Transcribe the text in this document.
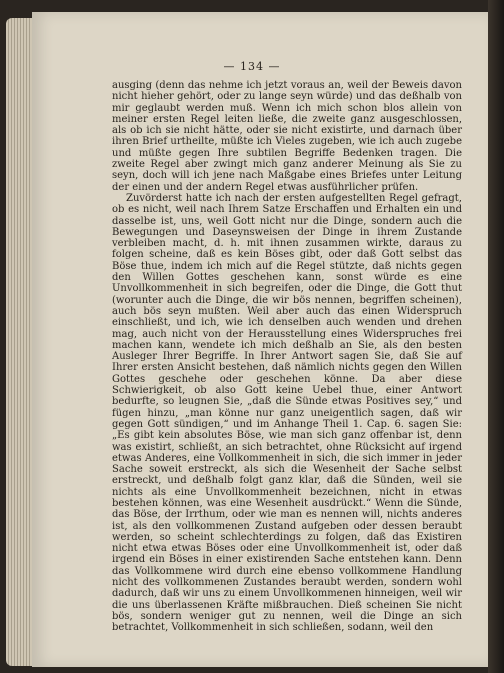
— 134 —

ausging (denn das nehme ich jetzt voraus an, weil der Beweis davon nicht hieher gehört, oder zu lange seyn würde) und das deßhalb von mir geglaubt werden muß. Wenn ich mich schon blos allein von meiner ersten Regel leiten ließe, die zweite ganz ausgeschlossen, als ob ich sie nicht hätte, oder sie nicht existirte, und darnach über ihren Brief urtheilte, müßte ich Vieles zugeben, wie ich auch zugebe und müßte gegen Ihre subtilen Begriffe Bedenken tragen. Die zweite Regel aber zwingt mich ganz anderer Meinung als Sie zu seyn, doch will ich jene nach Maßgabe eines Briefes unter Leitung der einen und der andern Regel etwas ausführlicher prüfen.

Zuvörderst hatte ich nach der ersten aufgestellten Regel gefragt, ob es nicht, weil nach Ihrem Satze Erschaffen und Erhalten ein und dasselbe ist, uns, weil Gott nicht nur die Dinge, sondern auch die Bewegungen und Daseynsweisen der Dinge in ihrem Zustande verbleiben macht, d. h. mit ihnen zusammen wirkte, daraus zu folgen scheine, daß es kein Böses gibt, oder daß Gott selbst das Böse thue, indem ich mich auf die Regel stützte, daß nichts gegen den Willen Gottes geschehen kann, sonst würde es eine Unvollkommenheit in sich begreifen, oder die Dinge, die Gott thut (worunter auch die Dinge, die wir bös nennen, begriffen scheinen), auch bös seyn mußten. Weil aber auch das einen Widerspruch einschließt, und ich, wie ich denselben auch wenden und drehen mag, auch nicht von der Herausstellung eines Widerspruches frei machen kann, wendete ich mich deßhalb an Sie, als den besten Ausleger Ihrer Begriffe. In Ihrer Antwort sagen Sie, daß Sie auf Ihrer ersten Ansicht bestehen, daß nämlich nichts gegen den Willen Gottes geschehe oder geschehen könne. Da aber diese Schwierigkeit, ob also Gott keine Uebel thue, einer Antwort bedurfte, so leugnen Sie, „daß die Sünde etwas Positives sey,“ und fügen hinzu, „man könne nur ganz uneigentlich sagen, daß wir gegen Gott sündigen,“ und im Anhange Theil 1. Cap. 6. sagen Sie: „Es gibt kein absolutes Böse, wie man sich ganz offenbar ist, denn was existirt, schließt, an sich betrachtet, ohne Rücksicht auf irgend etwas Anderes, eine Vollkommenheit in sich, die sich immer in jeder Sache soweit erstreckt, als sich die Wesenheit der Sache selbst erstreckt, und deßhalb folgt ganz klar, daß die Sünden, weil sie nichts als eine Unvollkommenheit bezeichnen, nicht in etwas bestehen können, was eine Wesenheit ausdrückt.“ Wenn die Sünde, das Böse, der Irrthum, oder wie man es nennen will, nichts anderes ist, als den vollkommenen Zustand aufgeben oder dessen beraubt werden, so scheint schlechterdings zu folgen, daß das Existiren nicht etwa etwas Böses oder eine Unvollkommenheit ist, oder daß irgend ein Böses in einer existirenden Sache entstehen kann. Denn das Vollkommene wird durch eine ebenso vollkommene Handlung nicht des vollkommenen Zustandes beraubt werden, sondern wohl dadurch, daß wir uns zu einem Unvollkommenen hinneigen, weil wir die uns überlassenen Kräfte mißbrauchen. Dieß scheinen Sie nicht bös, sondern weniger gut zu nennen, weil die Dinge an sich betrachtet, Vollkommenheit in sich schließen, sodann, weil den
